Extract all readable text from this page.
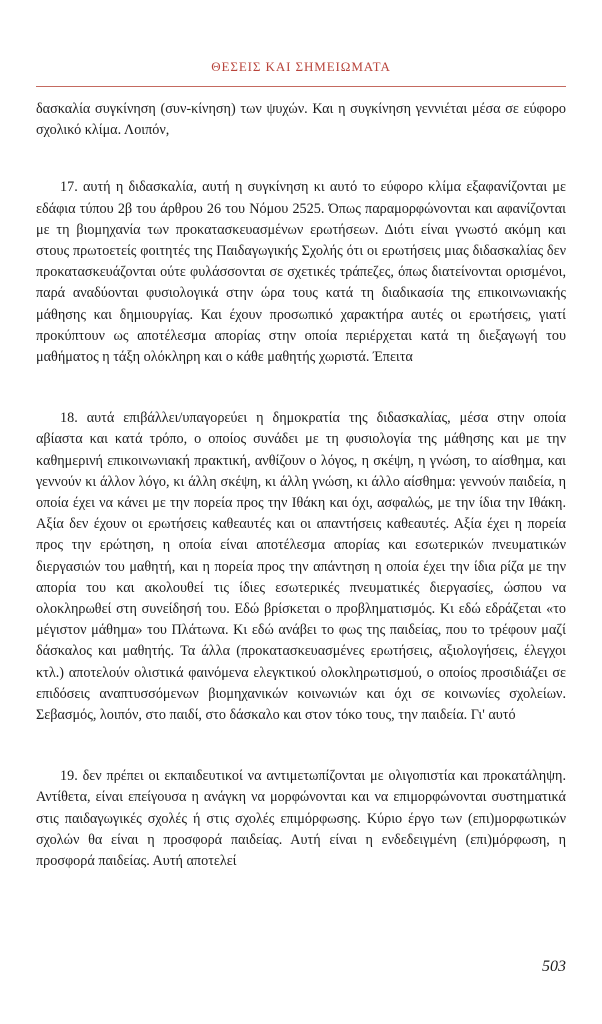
ΘΕΣΕΙΣ ΚΑΙ ΣΗΜΕΙΩΜΑΤΑ

δασκαλία συγκίνηση (συν-κίνηση) των ψυχών. Και η συγκίνηση γεννιέται μέσα σε εύφορο σχολικό κλίμα. Λοιπόν,

17. αυτή η διδασκαλία, αυτή η συγκίνηση κι αυτό το εύφορο κλίμα εξαφανίζονται με εδάφια τύπου 2β του άρθρου 26 του Νόμου 2525. Όπως παραμορφώνονται και αφανίζονται με τη βιομηχανία των προκατασκευασμένων ερωτήσεων. Διότι είναι γνωστό ακόμη και στους πρωτοετείς φοιτητές της Παιδαγωγικής Σχολής ότι οι ερωτήσεις μιας διδασκαλίας δεν προκατασκευάζονται ούτε φυλάσσονται σε σχετικές τράπεζες, όπως διατείνονται ορισμένοι, παρά αναδύονται φυσιολογικά στην ώρα τους κατά τη διαδικασία της επικοινωνιακής μάθησης και δημιουργίας. Και έχουν προσωπικό χαρακτήρα αυτές οι ερωτήσεις, γιατί προκύπτουν ως αποτέλεσμα απορίας στην οποία περιέρχεται κατά τη διεξαγωγή του μαθήματος η τάξη ολόκληρη και ο κάθε μαθητής χωριστά. Έπειτα

18. αυτά επιβάλλει/υπαγορεύει η δημοκρατία της διδασκαλίας, μέσα στην οποία αβίαστα και κατά τρόπο, ο οποίος συνάδει με τη φυσιολογία της μάθησης και με την καθημερινή επικοινωνιακή πρακτική, ανθίζουν ο λόγος, η σκέψη, η γνώση, το αίσθημα, και γεννούν κι άλλον λόγο, κι άλλη σκέψη, κι άλλη γνώση, κι άλλο αίσθημα: γεννούν παιδεία, η οποία έχει να κάνει με την πορεία προς την Ιθάκη και όχι, ασφαλώς, με την ίδια την Ιθάκη. Αξία δεν έχουν οι ερωτήσεις καθεαυτές και οι απαντήσεις καθεαυτές. Αξία έχει η πορεία προς την ερώτηση, η οποία είναι αποτέλεσμα απορίας και εσωτερικών πνευματικών διεργασιών του μαθητή, και η πορεία προς την απάντηση η οποία έχει την ίδια ρίζα με την απορία του και ακολουθεί τις ίδιες εσωτερικές πνευματικές διεργασίες, ώσπου να ολοκληρωθεί στη συνείδησή του. Εδώ βρίσκεται ο προβληματισμός. Κι εδώ εδράζεται «το μέγιστον μάθημα» του Πλάτωνα. Κι εδώ ανάβει το φως της παιδείας, που το τρέφουν μαζί δάσκαλος και μαθητής. Τα άλλα (προκατασκευασμένες ερωτήσεις, αξιολογήσεις, έλεγχοι κτλ.) αποτελούν ολιστικά φαινόμενα ελεγκτικού ολοκληρωτισμού, ο οποίος προσιδιάζει σε επιδόσεις αναπτυσσόμενων βιομηχανικών κοινωνιών και όχι σε κοινωνίες σχολείων. Σεβασμός, λοιπόν, στο παιδί, στο δάσκαλο και στον τόκο τους, την παιδεία. Γι' αυτό

19. δεν πρέπει οι εκπαιδευτικοί να αντιμετωπίζονται με ολιγοπιστία και προκατάληψη. Αντίθετα, είναι επείγουσα η ανάγκη να μορφώνονται και να επιμορφώνονται συστηματικά στις παιδαγωγικές σχολές ή στις σχολές επιμόρφωσης. Κύριο έργο των (επι)μορφωτικών σχολών θα είναι η προσφορά παιδείας. Αυτή είναι η ενδεδειγμένη (επι)μόρφωση, η προσφορά παιδείας. Αυτή αποτελεί

503
